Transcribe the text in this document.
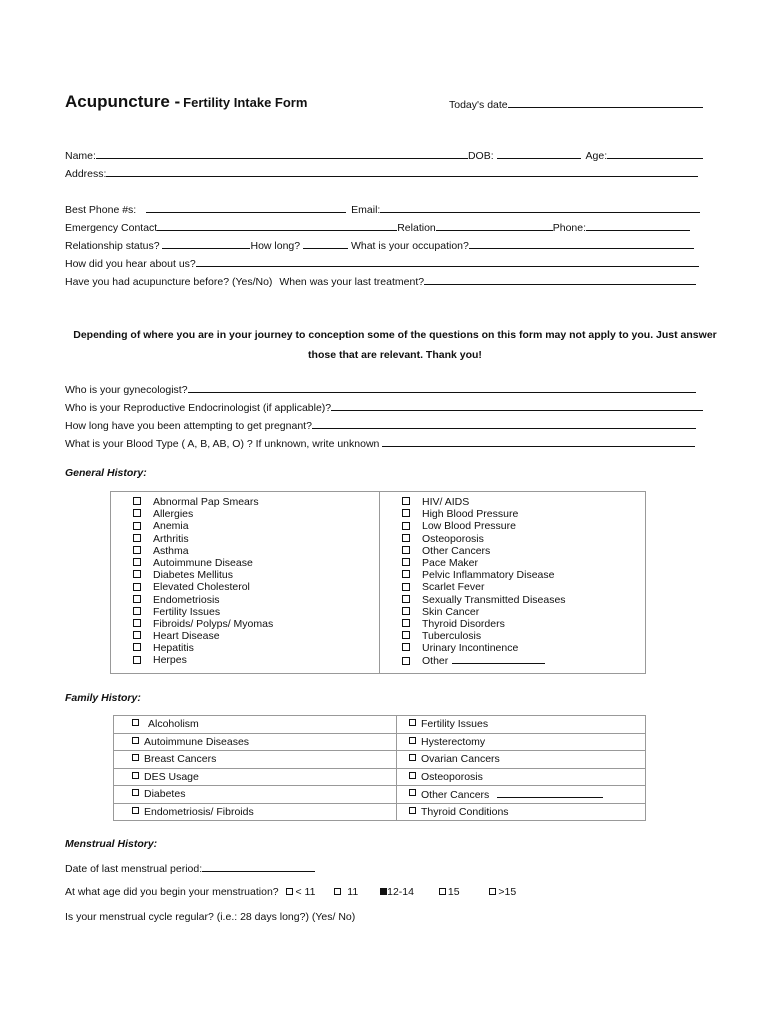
Acupuncture - Fertility Intake Form	Today's date
Name:	DOB:	Age:
Address:
Best Phone #s:	Email:
Emergency Contact	Relation	Phone:
Relationship status?	How long?	What is your occupation?
How did you hear about us?
Have you had acupuncture before? (Yes/No) When was your last treatment?
Depending of where you are in your journey to conception some of the questions on this form may not apply to you. Just answer those that are relevant. Thank you!
Who is your gynecologist?
Who is your Reproductive Endocrinologist (if applicable)?
How long have you been attempting to get pregnant?
What is your Blood Type ( A, B, AB, O) ? If unknown, write unknown
General History:
Abnormal Pap Smears
Allergies
Anemia
Arthritis
Asthma
Autoimmune Disease
Diabetes Mellitus
Elevated Cholesterol
Endometriosis
Fertility Issues
Fibroids/ Polyps/ Myomas
Heart Disease
Hepatitis
Herpes

HIV/ AIDS
High Blood Pressure
Low Blood Pressure
Osteoporosis
Other Cancers
Pace Maker
Pelvic Inflammatory Disease
Scarlet Fever
Sexually Transmitted Diseases
Skin Cancer
Thyroid Disorders
Tuberculosis
Urinary Incontinence
Other
Family History:
Alcoholism	Fertility Issues
Autoimmune Diseases	Hysterectomy
Breast Cancers	Ovarian Cancers
DES Usage	Osteoporosis
Diabetes	Other Cancers
Endometriosis/ Fibroids	Thyroid Conditions
Menstrual History:
Date of last menstrual period:
At what age did you begin your menstruation? < 11	11	12-14	15	>15
Is your menstrual cycle regular? (i.e.: 28 days long?) (Yes/ No)
